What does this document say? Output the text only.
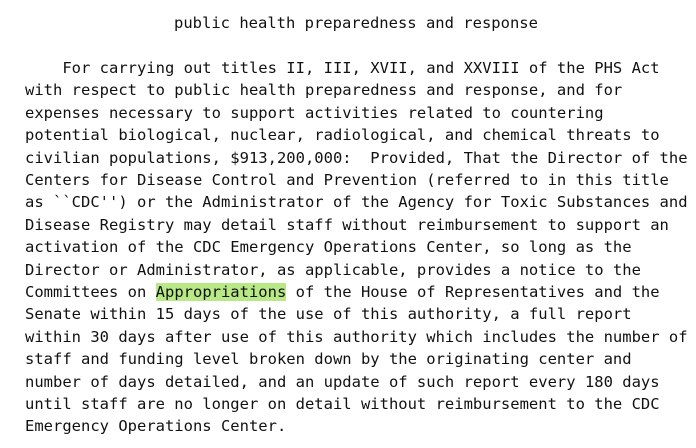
public health preparedness and response
For carrying out titles II, III, XVII, and XXVIII of the PHS Act
with respect to public health preparedness and response, and for
expenses necessary to support activities related to countering
potential biological, nuclear, radiological, and chemical threats to
civilian populations, $913,200,000:  Provided, That the Director of the
Centers for Disease Control and Prevention (referred to in this title
as ``CDC'') or the Administrator of the Agency for Toxic Substances and
Disease Registry may detail staff without reimbursement to support an
activation of the CDC Emergency Operations Center, so long as the
Director or Administrator, as applicable, provides a notice to the
Committees on Appropriations of the House of Representatives and the
Senate within 15 days of the use of this authority, a full report
within 30 days after use of this authority which includes the number of
staff and funding level broken down by the originating center and
number of days detailed, and an update of such report every 180 days
until staff are no longer on detail without reimbursement to the CDC
Emergency Operations Center.
